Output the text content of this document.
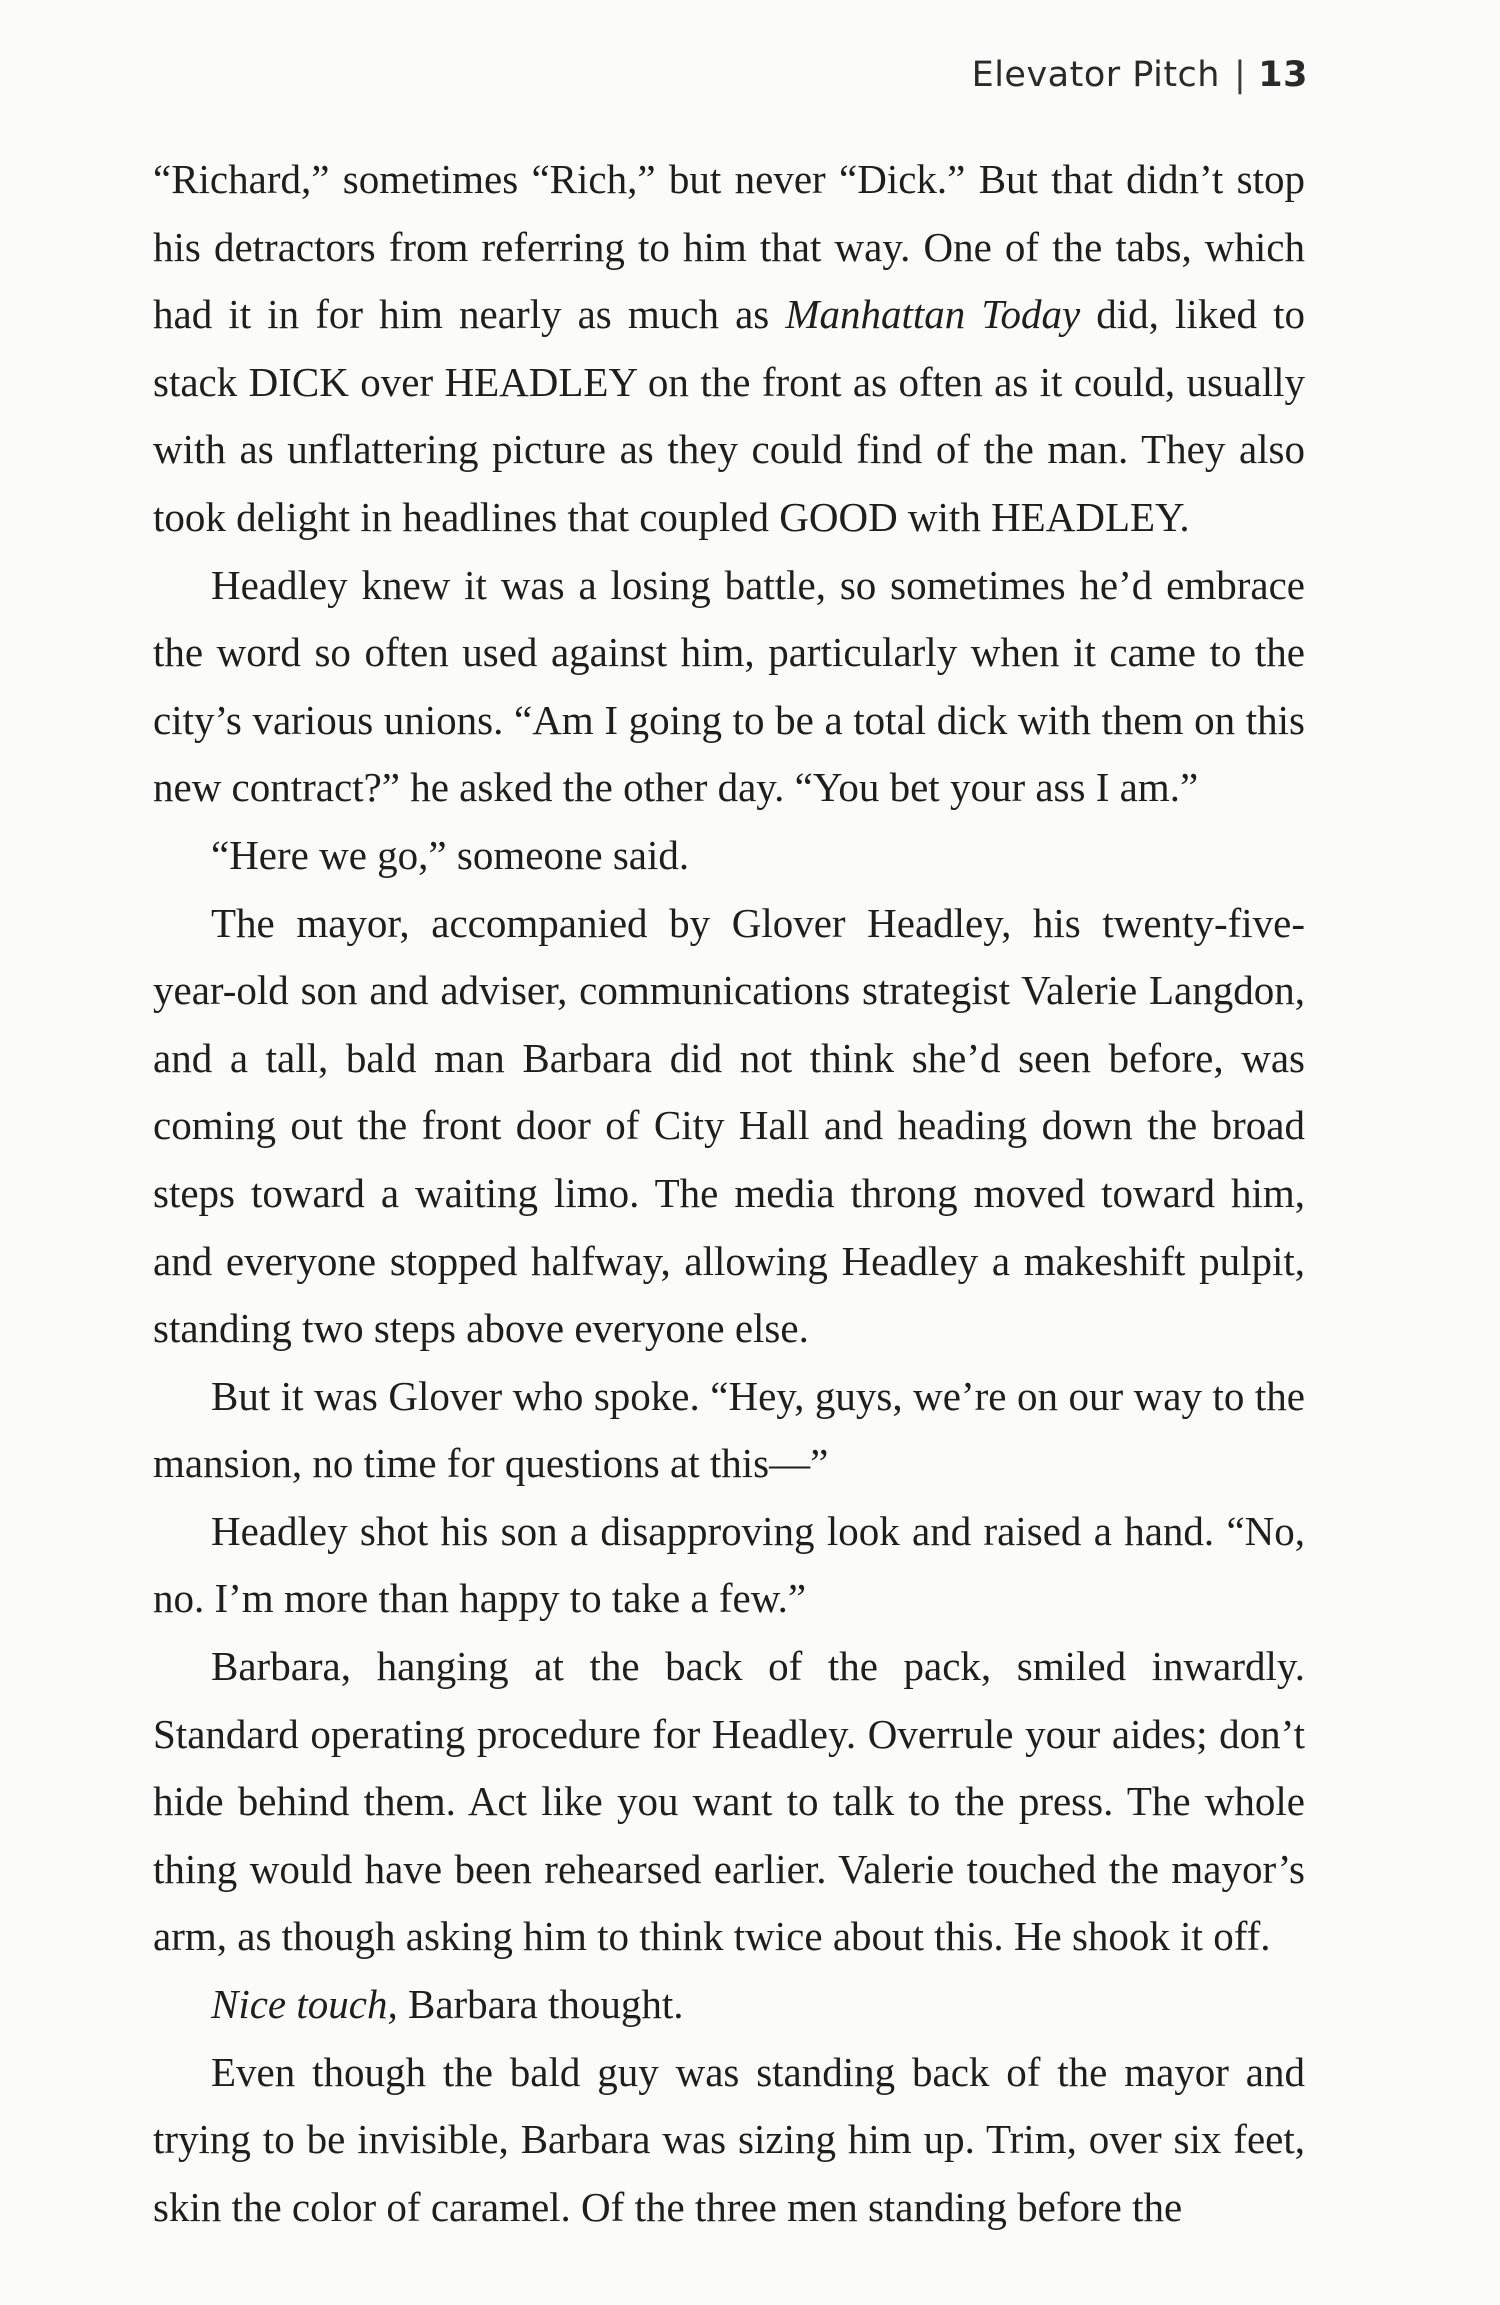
Elevator Pitch | 13

“Richard,” sometimes “Rich,” but never “Dick.” But that didn’t stop his detractors from referring to him that way. One of the tabs, which had it in for him nearly as much as Manhattan Today did, liked to stack DICK over HEADLEY on the front as often as it could, usually with as unflattering picture as they could find of the man. They also took delight in headlines that coupled GOOD with HEADLEY.

Headley knew it was a losing battle, so sometimes he’d embrace the word so often used against him, particularly when it came to the city’s various unions. “Am I going to be a total dick with them on this new contract?” he asked the other day. “You bet your ass I am.”

“Here we go,” someone said.

The mayor, accompanied by Glover Headley, his twenty-five-year-old son and adviser, communications strategist Valerie Langdon, and a tall, bald man Barbara did not think she’d seen before, was coming out the front door of City Hall and heading down the broad steps toward a waiting limo. The media throng moved toward him, and everyone stopped halfway, allowing Headley a makeshift pulpit, standing two steps above everyone else.

But it was Glover who spoke. “Hey, guys, we’re on our way to the mansion, no time for questions at this—”

Headley shot his son a disapproving look and raised a hand. “No, no. I’m more than happy to take a few.”

Barbara, hanging at the back of the pack, smiled inwardly. Standard operating procedure for Headley. Overrule your aides; don’t hide behind them. Act like you want to talk to the press. The whole thing would have been rehearsed earlier. Valerie touched the mayor’s arm, as though asking him to think twice about this. He shook it off.

Nice touch, Barbara thought.

Even though the bald guy was standing back of the mayor and trying to be invisible, Barbara was sizing him up. Trim, over six feet, skin the color of caramel. Of the three men standing before the
